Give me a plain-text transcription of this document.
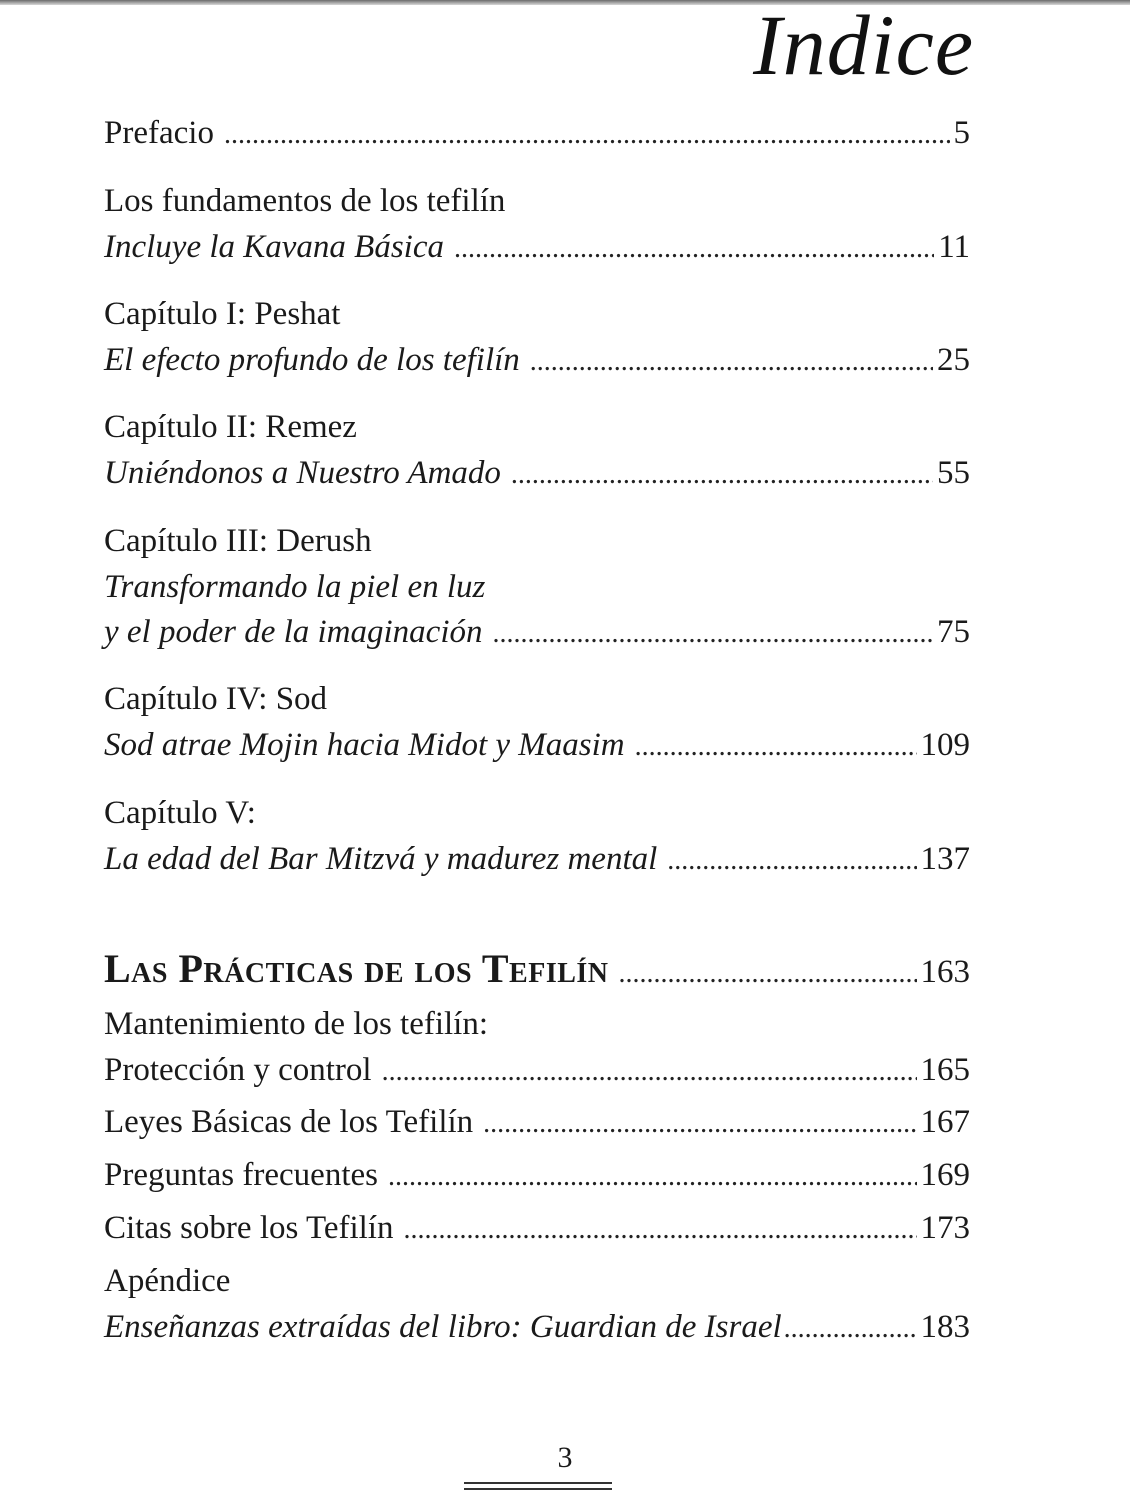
Indice
Prefacio .....	5
Los fundamentos de los tefilín
Incluye la Kavana Básica .....	11
Capítulo I: Peshat
El efecto profundo de los tefilín .....	25
Capítulo II: Remez
Uniéndonos a Nuestro Amado .....	55
Capítulo III: Derush
Transformando la piel en luz
y el poder de la imaginación .....	75
Capítulo IV: Sod
Sod atrae Mojin hacia Midot y Maasim .....	109
Capítulo V:
La edad del Bar Mitzvá y madurez mental .....	137
Las Prácticas de los Tefilín .....	163
Mantenimiento de los tefilín:
Protección y control .....	165
Leyes Básicas de los Tefilín .....	167
Preguntas frecuentes .....	169
Citas sobre los Tefilín .....	173
Apéndice
Enseñanzas extraídas del libro: Guardian de Israel .....	183
3
